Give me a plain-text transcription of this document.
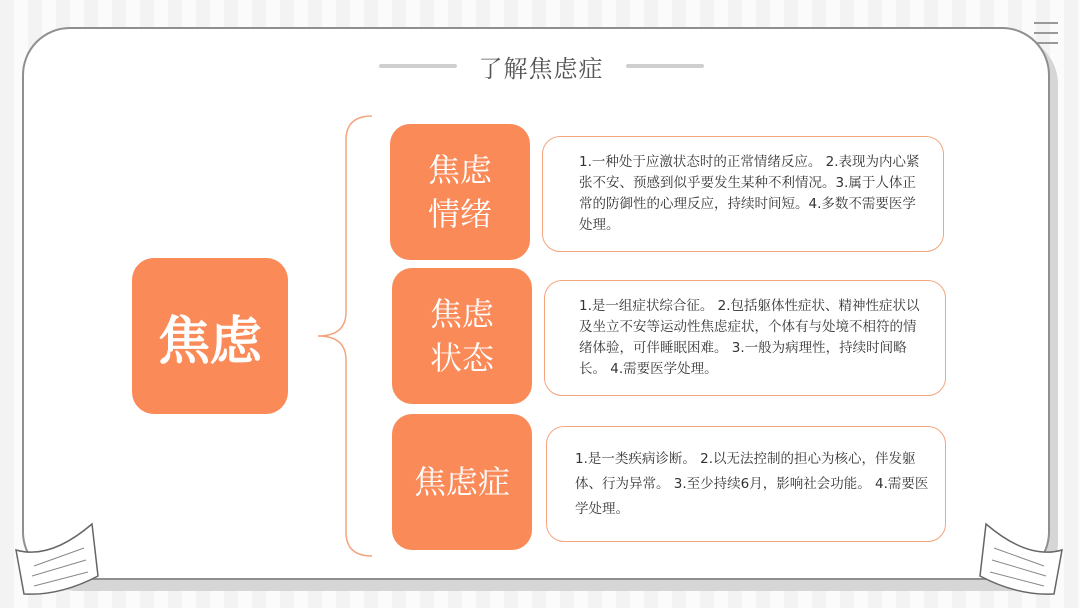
了解焦虑症
焦虑
焦虑情绪
1.一种处于应激状态时的正常情绪反应。 2.表现为内心紧张不安、预感到似乎要发生某种不利情况。3.属于人体正常的防御性的心理反应，持续时间短。4.多数不需要医学处理。
焦虑状态
1.是一组症状综合征。 2.包括躯体性症状、精神性症状以及坐立不安等运动性焦虑症状，个体有与处境不相符的情绪体验，可伴睡眠困难。 3.一般为病理性，持续时间略长。 4.需要医学处理。
焦虑症
1.是一类疾病诊断。 2.以无法控制的担心为核心，伴发躯体、行为异常。 3.至少持续6月，影响社会功能。 4.需要医学处理。
